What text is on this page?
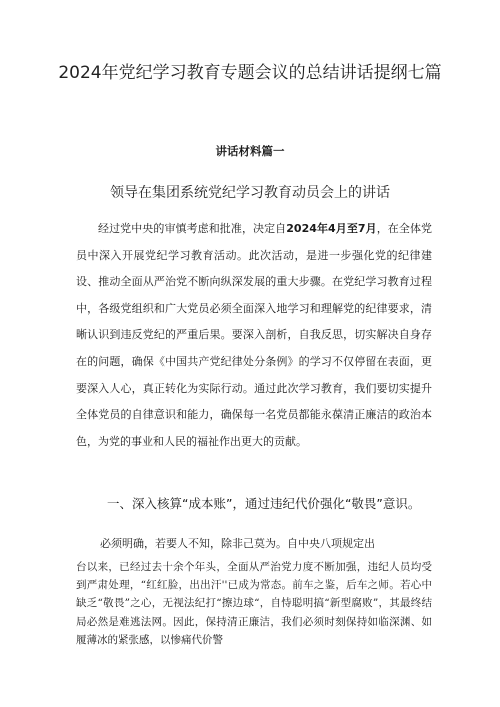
2024年党纪学习教育专题会议的总结讲话提纲七篇
讲话材料篇一
领导在集团系统党纪学习教育动员会上的讲话

经过党中央的审慎考虑和批准，决定自2024年4月至7月，在全体党员中深入开展党纪学习教育活动。此次活动，是进一步强化党的纪律建设、推动全面从严治党不断向纵深发展的重大步骤。在党纪学习教育过程中，各级党组织和广大党员必须全面深入地学习和理解党的纪律要求，清晰认识到违反党纪的严重后果。要深入剖析，自我反思，切实解决自身存在的问题，确保《中国共产党纪律处分条例》的学习不仅停留在表面，更要深入人心，真正转化为实际行动。通过此次学习教育，我们要切实提升全体党员的自律意识和能力，确保每一名党员都能永葆清正廉洁的政治本色，为党的事业和人民的福祉作出更大的贡献。

一、深入核算“成本账”，通过违纪代价强化“敬畏”意识。

必须明确，若要人不知，除非己莫为。自中央八项规定出

台以来，已经过去十余个年头，全面从严治党力度不断加强，违纪人员均受到严肃处理，“红红脸，出出汗''已成为常态。前车之鉴，后车之师。若心中缺乏“敬畏”之心，无视法纪打“擦边球“，自恃聪明搞“新型腐败”，其最终结局必然是难逃法网。因此，保持清正廉洁，我们必须时刻保持如临深渊、如履薄冰的紧张感，以惨痛代价警
